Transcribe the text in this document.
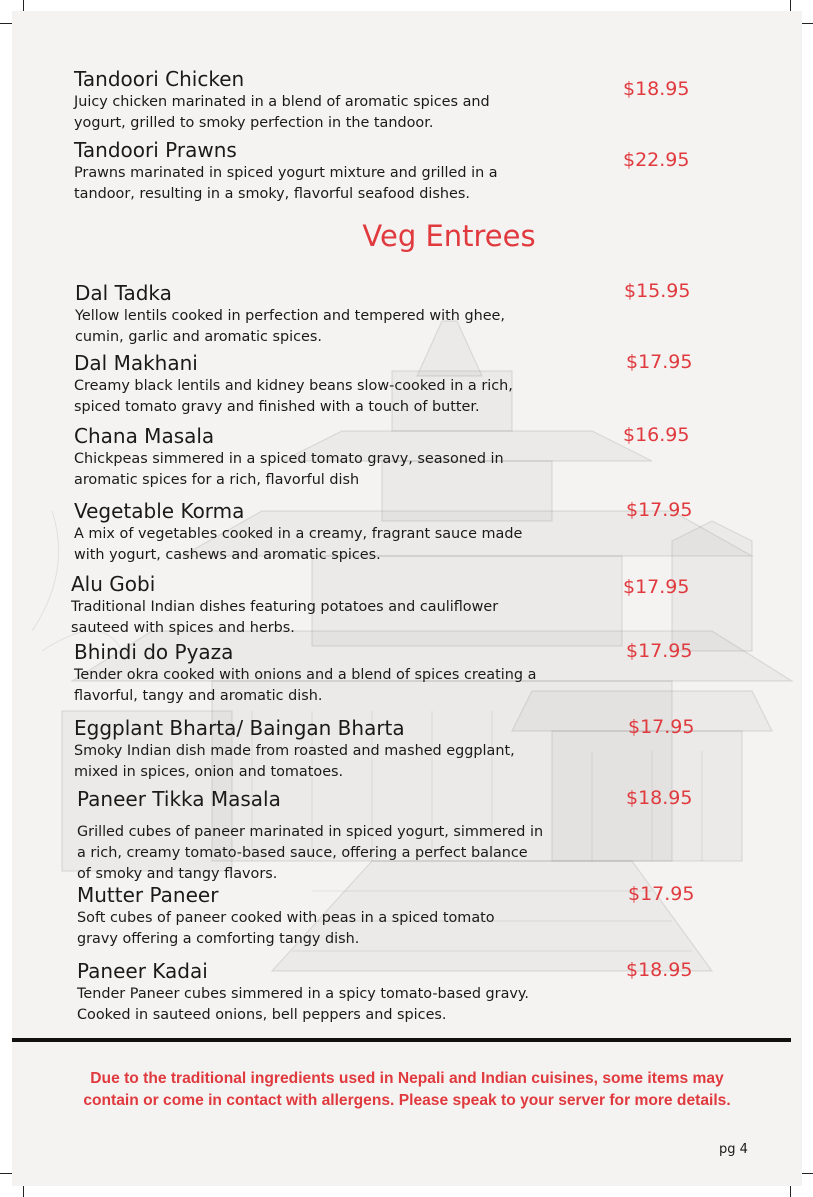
Tandoori Chicken
Juicy chicken marinated in a blend of aromatic spices and
yogurt, grilled to smoky perfection in the tandoor.
$18.95
Tandoori Prawns
Prawns marinated in spiced yogurt mixture and grilled in a
tandoor, resulting in a smoky, flavorful seafood dishes.
$22.95
Dal Tadka
Yellow lentils cooked in perfection and tempered with ghee,
cumin, garlic and aromatic spices.
$15.95
Dal Makhani
Creamy black lentils and kidney beans slow-cooked in a rich,
spiced tomato gravy and finished with a touch of butter.
$17.95
Chana Masala
Chickpeas simmered in a spiced tomato gravy, seasoned in
aromatic spices for a rich, flavorful dish
$16.95
Vegetable Korma
A mix of vegetables cooked in a creamy, fragrant sauce made
with yogurt, cashews and aromatic spices.
$17.95
Alu Gobi
Traditional Indian dishes featuring potatoes and cauliflower
sauteed with spices and herbs.
$17.95
Bhindi do Pyaza
Tender okra cooked with onions and a blend of spices creating a
flavorful, tangy and aromatic dish.
$17.95
Eggplant Bharta/ Baingan Bharta
Smoky Indian dish made from roasted and mashed eggplant,
mixed in spices, onion and tomatoes.
$17.95
Paneer Tikka Masala
Grilled cubes of paneer marinated in spiced yogurt, simmered in
a rich, creamy tomato-based sauce, offering a perfect balance
of smoky and tangy flavors.
$18.95
Mutter Paneer
Soft cubes of paneer cooked with peas in a spiced tomato
gravy offering a comforting tangy dish.
$17.95
Paneer Kadai
Tender Paneer cubes simmered in a spicy tomato-based gravy.
Cooked in sauteed onions, bell peppers and spices.
$18.95
Veg Entrees
Due to the traditional ingredients used in Nepali and Indian cuisines, some items may
contain or come in contact with allergens. Please speak to your server for more details.
pg 4
